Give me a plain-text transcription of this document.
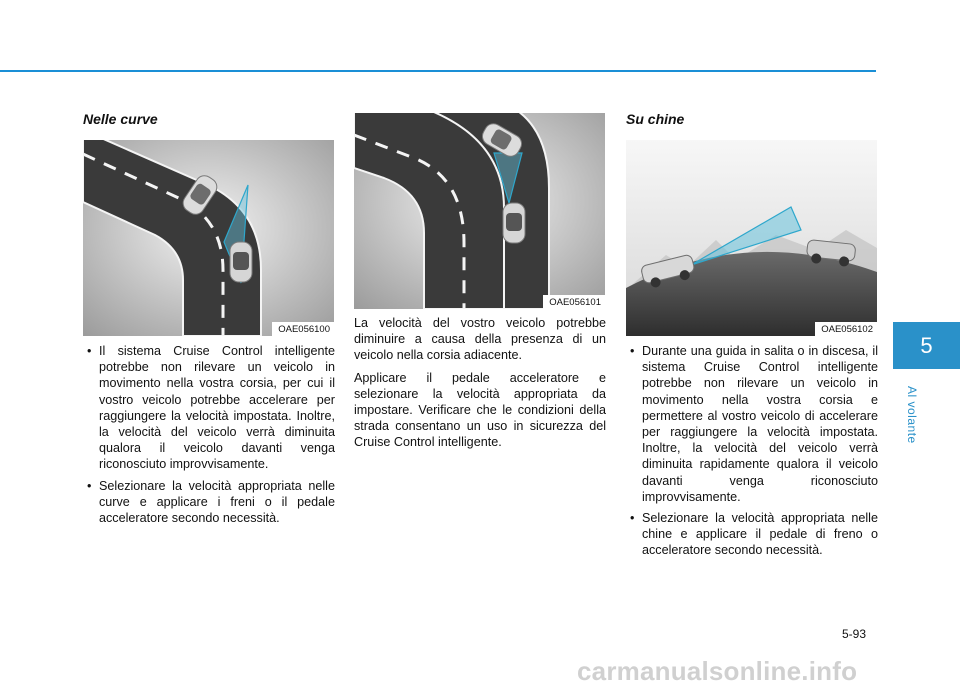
Nelle curve
OAE056100
• Il sistema Cruise Control intelligente potrebbe non rilevare un veicolo in movimento nella vostra corsia, per cui il vostro veicolo potrebbe accelerare per raggiungere la velocità impostata. Inoltre, la velocità del veicolo verrà diminuita qualora il veicolo davanti venga riconosciuto improvvisamente.
• Selezionare la velocità appropriata nelle curve e applicare i freni o il pedale acceleratore secondo necessità.
OAE056101

La velocità del vostro veicolo potrebbe diminuire a causa della presenza di un veicolo nella corsia adiacente.

Applicare il pedale acceleratore e selezionare la velocità appropriata da impostare. Verificare che le condizioni della strada consentano un uso in sicurezza del Cruise Control intelligente.

Su chine
OAE056102
• Durante una guida in salita o in discesa, il sistema Cruise Control intelligente potrebbe non rilevare un veicolo in movimento nella vostra corsia e permettere al vostro veicolo di accelerare per raggiungere la velocità impostata. Inoltre, la velocità del veicolo verrà diminuita rapidamente qualora il veicolo davanti venga riconosciuto improvvisamente.
• Selezionare la velocità appropriata nelle chine e applicare il pedale di freno o acceleratore secondo necessità.
5
Al volante
5-93
carmanualsonline.info
